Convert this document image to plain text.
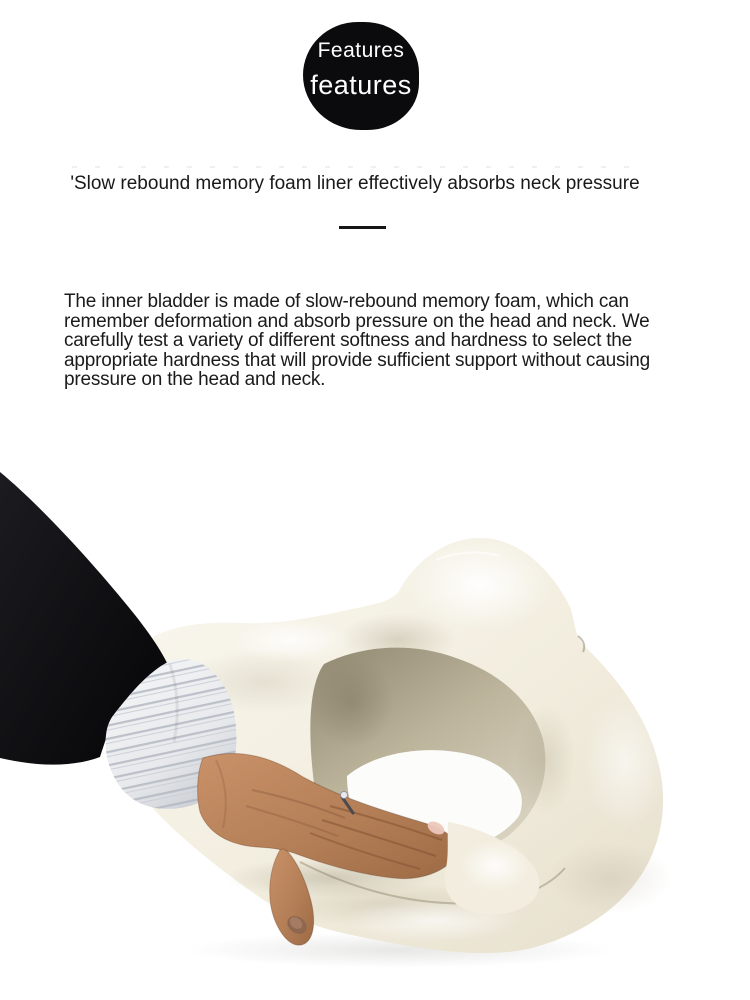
Features
features
'Slow rebound memory foam liner effectively absorbs neck pressure
The inner bladder is made of slow-rebound memory foam, which can remember deformation and absorb pressure on the head and neck. We carefully test a variety of different softness and hardness to select the appropriate hardness that will provide sufficient support without causing pressure on the head and neck.
